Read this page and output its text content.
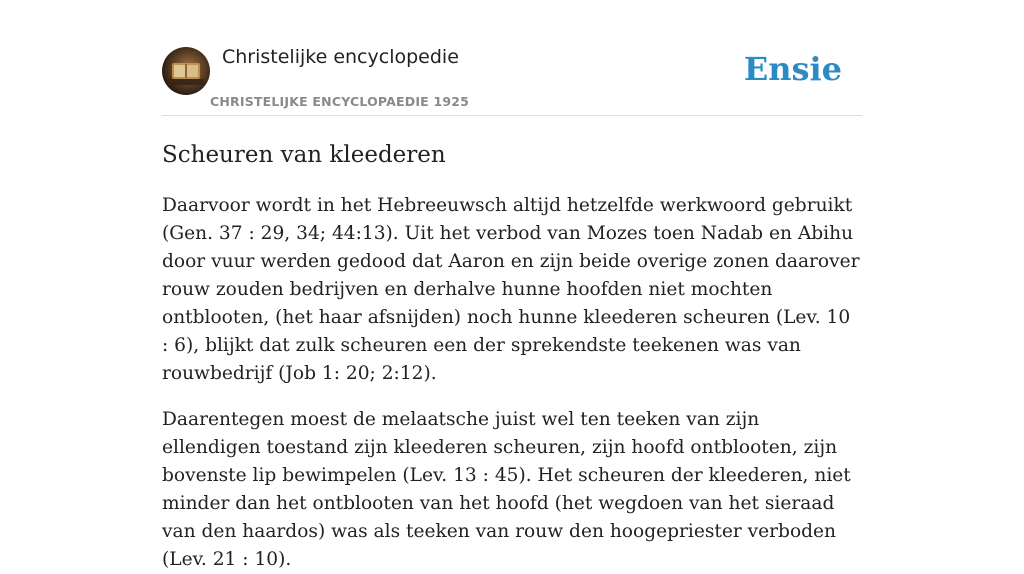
Christelijke encyclopedie
CHRISTELIJKE ENCYCLOPAEDIE 1925
Ensie
Scheuren van kleederen

Daarvoor wordt in het Hebreeuwsch altijd hetzelfde werkwoord gebruikt (Gen. 37 : 29, 34; 44:13). Uit het verbod van Mozes toen Nadab en Abihu door vuur werden gedood dat Aaron en zijn beide overige zonen daarover rouw zouden bedrijven en derhalve hunne hoofden niet mochten ontblooten, (het haar afsnijden) noch hunne kleederen scheuren (Lev. 10 : 6), blijkt dat zulk scheuren een der sprekendste teekenen was van rouwbedrijf (Job 1: 20; 2:12).

Daarentegen moest de melaatsche juist wel ten teeken van zijn ellendigen toestand zijn kleederen scheuren, zijn hoofd ontblooten, zijn bovenste lip bewimpelen (Lev. 13 : 45). Het scheuren der kleederen, niet minder dan het ontblooten van het hoofd (het wegdoen van het sieraad van den haardos) was als teeken van rouw den hoogepriester verboden (Lev. 21 : 10).
